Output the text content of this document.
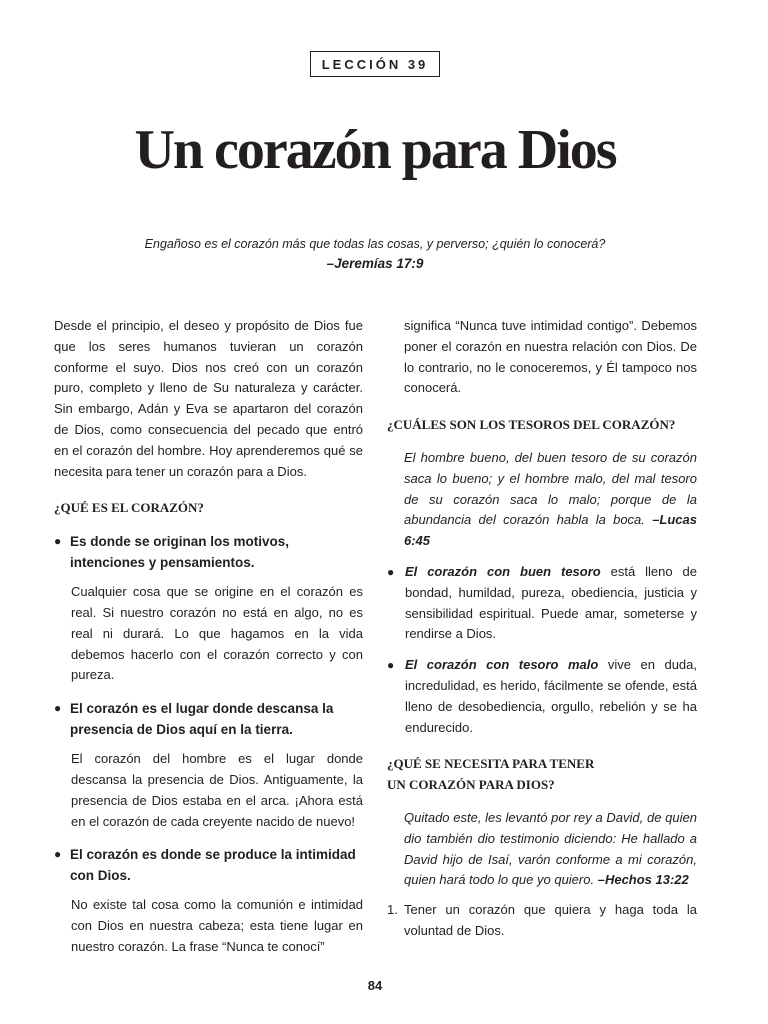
LECCIÓN 39
Un corazón para Dios
Engañoso es el corazón más que todas las cosas, y perverso; ¿quién lo conocerá?
–Jeremías 17:9

Desde el principio, el deseo y propósito de Dios fue que los seres humanos tuvieran un corazón conforme el suyo. Dios nos creó con un corazón puro, completo y lleno de Su naturaleza y carácter. Sin embargo, Adán y Eva se apartaron del corazón de Dios, como consecuencia del pecado que entró en el corazón del hombre. Hoy aprenderemos qué se necesita para tener un corazón para a Dios.

¿QUÉ ES EL CORAZÓN?
● Es donde se originan los motivos, intenciones y pensamientos.

Cualquier cosa que se origine en el corazón es real. Si nuestro corazón no está en algo, no es real ni durará. Lo que hagamos en la vida debemos hacerlo con el corazón correcto y con pureza.

● El corazón es el lugar donde descansa la presencia de Dios aquí en la tierra.

El corazón del hombre es el lugar donde descansa la presencia de Dios. Antiguamente, la presencia de Dios estaba en el arca. ¡Ahora está en el corazón de cada creyente nacido de nuevo!

● El corazón es donde se produce la intimidad con Dios.

No existe tal cosa como la comunión e intimidad con Dios en nuestra cabeza; esta tiene lugar en nuestro corazón. La frase “Nunca te conocí”

significa “Nunca tuve intimidad contigo”. Debemos poner el corazón en nuestra relación con Dios. De lo contrario, no le conoceremos, y Él tampoco nos conocerá.

¿CUÁLES SON LOS TESOROS DEL CORAZÓN?

El hombre bueno, del buen tesoro de su corazón saca lo bueno; y el hombre malo, del mal tesoro de su corazón saca lo malo; porque de la abundancia del corazón habla la boca. –Lucas 6:45

● El corazón con buen tesoro está lleno de bondad, humildad, pureza, obediencia, justicia y sensibilidad espiritual. Puede amar, someterse y rendirse a Dios.

● El corazón con tesoro malo vive en duda, incredulidad, es herido, fácilmente se ofende, está lleno de desobediencia, orgullo, rebelión y se ha endurecido.

¿QUÉ SE NECESITA PARA TENER
UN CORAZÓN PARA DIOS?

Quitado este, les levantó por rey a David, de quien dio también dio testimonio diciendo: He hallado a David hijo de Isaí, varón conforme a mi corazón, quien hará todo lo que yo quiero. –Hechos 13:22

1. Tener un corazón que quiera y haga toda la voluntad de Dios.

84
